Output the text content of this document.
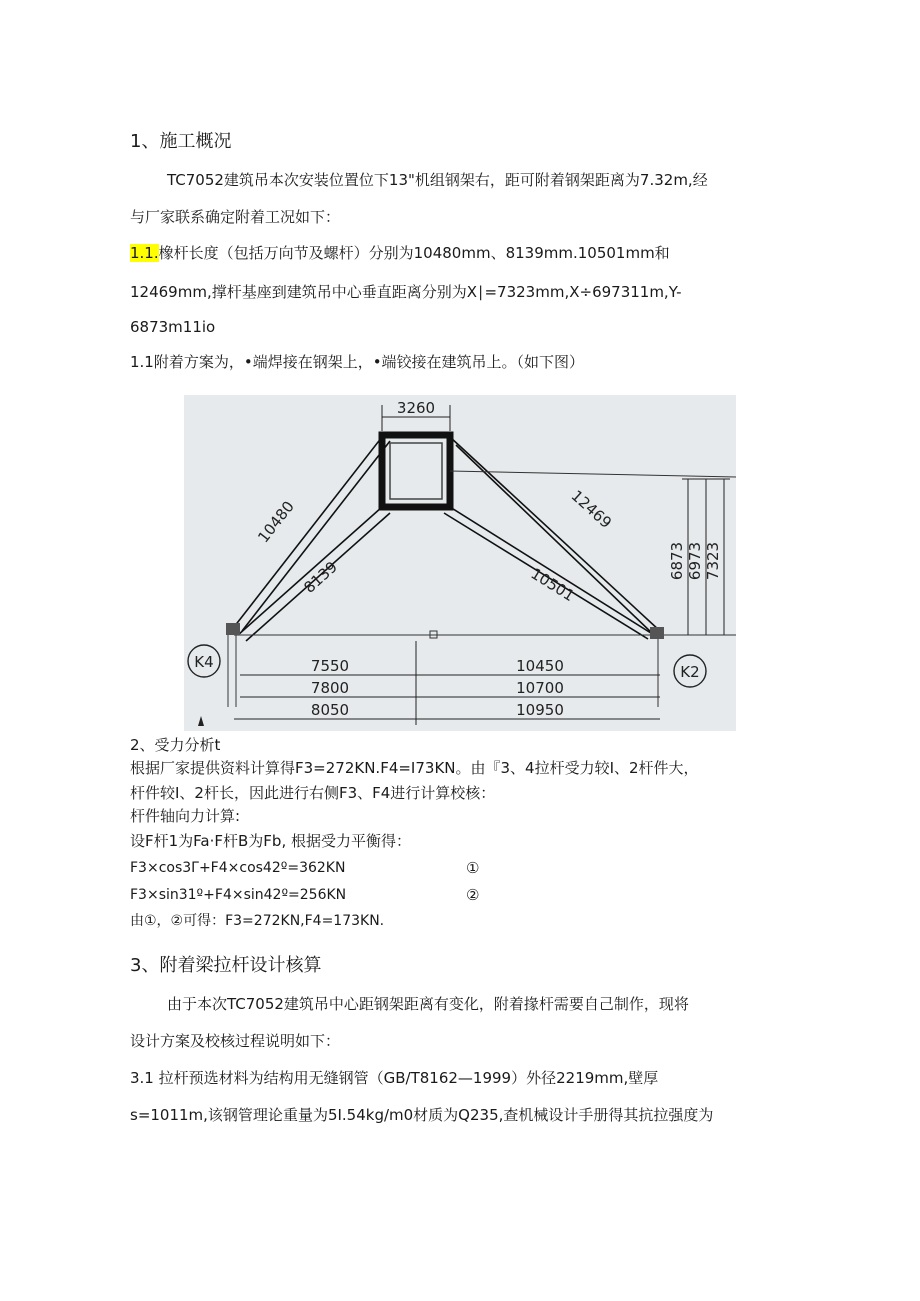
1、施工概况
TC7052建筑吊本次安装位置位下13"机组钢架右，距可附着钢架距离为7.32m,经
与厂家联系确定附着工况如下：
1.1.橡杆长度（包括万向节及螺杆）分别为10480mm、8139mm.10501mm和
12469mm,撑杆基座到建筑吊中心垂直距离分别为X∣=7323mm,X÷697311m,Y-
6873m11io
1.1附着方案为，•端焊接在钢架上，•端铰接在建筑吊上。（如下图）
3260
10480
8139
12469
10501
6873 6973 7323
K4
K2
7550
7800
8050
10450
10700
10950
2、受力分析t
根据厂家提供资料计算得F3=272KN.F4=I73KN。由『3、4拉杆受力较I、2杆件大，
杆件较I、2杆长，因此进行右侧F3、F4进行计算校核：
杆件轴向力计算:
设F杆1为Fa·F杆B为Fb, 根据受力平衡得：
F3×cos3Γ+F4×cos42º=362KN	①
F3×sin31º+F4×sin42º=256KN	②
由①，②可得：F3=272KN,F4=173KN.
3、附着梁拉杆设计核算
由于本次TC7052建筑吊中心距钢架距离有变化，附着掾杆需要自己制作，现将
设计方案及校核过程说明如下：
3.1 拉杆预选材料为结构用无缝钢管（GB/T8162—1999）外径2219mm,壁厚
s=1011m,该钢管理论重量为5I.54kg/m0材质为Q235,查机械设计手册得其抗拉强度为
